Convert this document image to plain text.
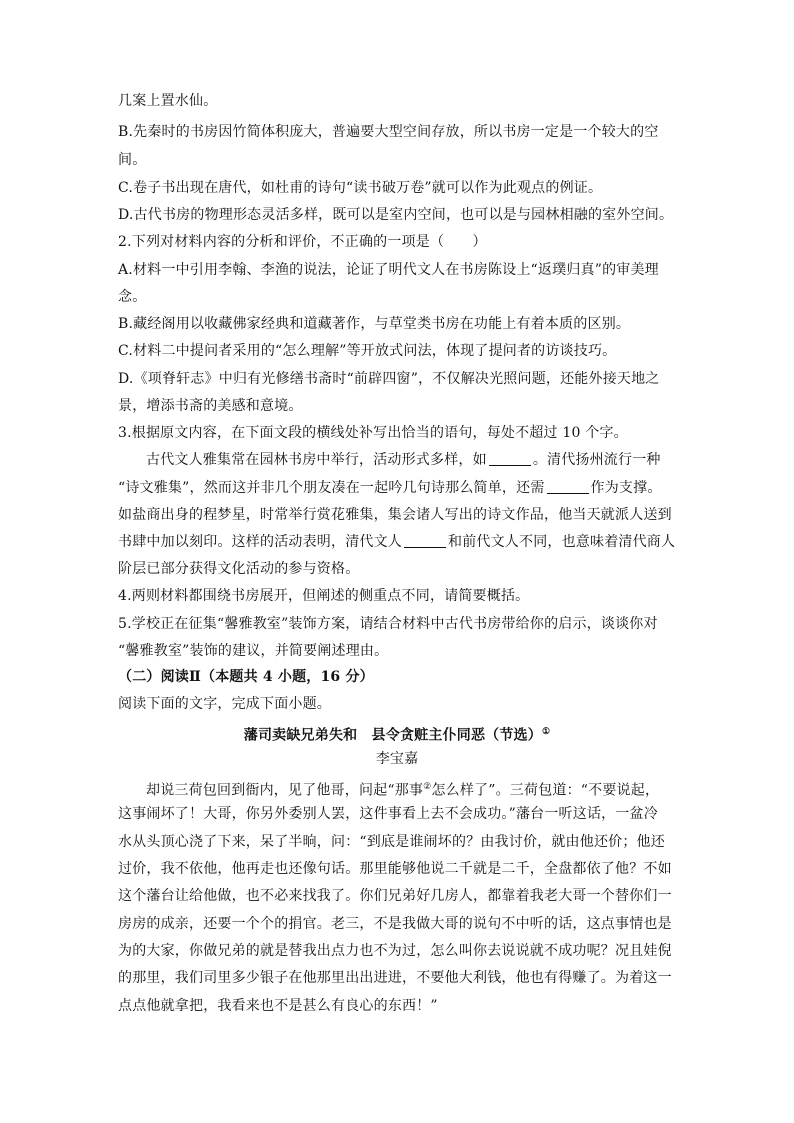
几案上置水仙。
B.先秦时的书房因竹简体积庞大，普遍要大型空间存放，所以书房一定是一个较大的空
间。
C.卷子书出现在唐代，如杜甫的诗句“读书破万卷”就可以作为此观点的例证。
D.古代书房的物理形态灵活多样，既可以是室内空间，也可以是与园林相融的室外空间。
2.下列对材料内容的分析和评价，不正确的一项是（　　）
A.材料一中引用李翰、李渔的说法，论证了明代文人在书房陈设上“返璞归真”的审美理
念。
B.藏经阁用以收藏佛家经典和道藏著作，与草堂类书房在功能上有着本质的区别。
C.材料二中提问者采用的“怎么理解”等开放式问法，体现了提问者的访谈技巧。
D.《项脊轩志》中归有光修缮书斋时“前辟四窗”，不仅解决光照问题，还能外接天地之
景，增添书斋的美感和意境。
3.根据原文内容，在下面文段的横线处补写出恰当的语句，每处不超过 10 个字。
古代文人雅集常在园林书房中举行，活动形式多样，如	。清代扬州流行一种
“诗文雅集”，然而这并非几个朋友凑在一起吟几句诗那么简单，还需	作为支撑。
如盐商出身的程梦星，时常举行赏花雅集，集会诸人写出的诗文作品，他当天就派人送到
书肆中加以刻印。这样的活动表明，清代文人	和前代文人不同，也意味着清代商人
阶层已部分获得文化活动的参与资格。
4.两则材料都围绕书房展开，但阐述的侧重点不同，请简要概括。
5.学校正在征集“馨雅教室”装饰方案，请结合材料中古代书房带给你的启示，谈谈你对
“馨雅教室”装饰的建议，并简要阐述理由。
（二）阅读Ⅱ（本题共 4 小题，16 分）
阅读下面的文字，完成下面小题。
藩司卖缺兄弟失和　县令贪赃主仆同恶（节选）①
李宝嘉
却说三荷包回到衙内，见了他哥，问起“那事②怎么样了”。三荷包道：“不要说起，
这事闹坏了！大哥，你另外委别人罢，这件事看上去不会成功。”藩台一听这话，一盆冷
水从头顶心浇了下来，呆了半晌，问：“到底是谁闹坏的？由我讨价，就由他还价；他还
过价，我不依他，他再走也还像句话。那里能够他说二千就是二千，全盘都依了他？不如
这个藩台让给他做，也不必来找我了。你们兄弟好几房人，都靠着我老大哥一个替你们一
房房的成亲，还要一个个的捐官。老三，不是我做大哥的说句不中听的话，这点事情也是
为的大家，你做兄弟的就是替我出点力也不为过，怎么叫你去说说就不成功呢？况且娃倪
的那里，我们司里多少银子在他那里出出进进，不要他大利钱，他也有得赚了。为着这一
点点他就拿把，我看来也不是甚么有良心的东西！”
